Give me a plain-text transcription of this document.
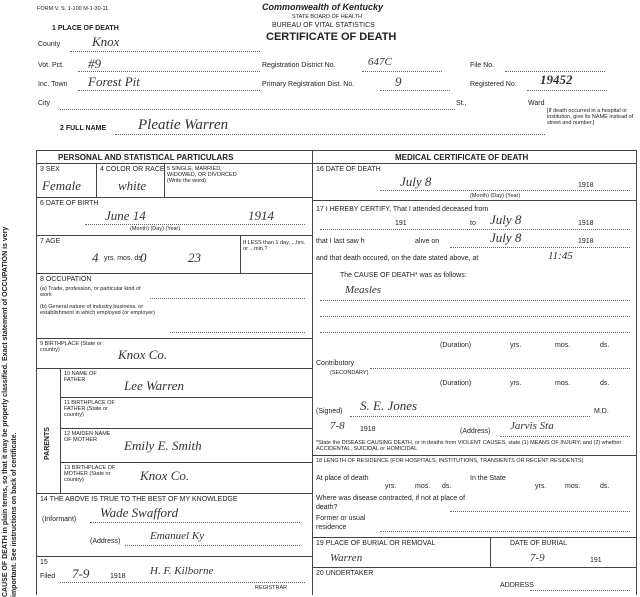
CAUSE OF DEATH in plain terms, so that it may be properly classified. Exact statement of OCCUPATION is very important. See instructions on back of certificate.
FORM V. S. 1-100 M-1-30-11.	Commonwealth of Kentucky
STATE BOARD OF HEALTH
BUREAU OF VITAL STATISTICS
CERTIFICATE OF DEATH
1 PLACE OF DEATH
County Knox
Vot. Pct. #9
Inc. Town Forest Pit
City	St.,	Ward
Registration District No.	647C
Primary Registration Dist. No.	9
File No.
Registered No. 19452
[If death occurred in a hospital or institution, give its NAME instead of street and number.]
2 FULL NAME Pleatie Warren
PERSONAL AND STATISTICAL PARTICULARS	MEDICAL CERTIFICATE OF DEATH
3 SEX
Female
4 COLOR OR RACE
white
5 SINGLE, MARRIED, WIDOWED, OR DIVORCED (Write the word)
6 DATE OF BIRTH
June 14	1914
(Month) (Day) (Year)
7 AGE
4	0	23
yrs. mos. ds.
If LESS than 1 day, ...hrs. or ...min.?
8 OCCUPATION
(a) Trade, profession, or particular kind of work
(b) General nature of industry business, or establishment in which employed (or employer)
9 BIRTHPLACE (State or country)	Knox Co.
PARENTS
10 NAME OF FATHER	Lee Warren
11 BIRTHPLACE OF FATHER (State or country)
12 MAIDEN NAME OF MOTHER	Emily E. Smith
13 BIRTHPLACE OF MOTHER (State or country)	Knox Co.
14 THE ABOVE IS TRUE TO THE BEST OF MY KNOWLEDGE
(Informant) Wade Swafford
(Address)	Emanuel Ky
15
Filed 7-9	1918 H. F. Kilborne
REGISTRAR
16 DATE OF DEATH
July 8	1918
(Month) (Day) (Year)
17 I HEREBY CERTIFY, That I attended deceased from
191	to July 8	1918
that I last saw h	alive on	July 8	1918
and that death occured, on the date stated above, at	11:45
The CAUSE OF DEATH* was as follows:
Measles
(Duration)	yrs.	mos.	ds.
Contributory
(SECONDARY)
(Duration)	yrs.	mos.	ds.
(Signed) S. E. Jones	M.D.
7-8 1918	(Address) Jarvis Sta
*State the DISEASE CAUSING DEATH, or in deaths from VIOLENT CAUSES, state (1) MEANS OF INJURY; and (2) whether ACCIDENTAL, SUICIDAL or HOMICIDAL
18 LENGTH OF RESIDENCE (FOR HOSPITALS, INSTITUTIONS, TRANSIENTS OR RECENT RESIDENTS)
At place of death
yrs.	mos. ds.
In the State
yrs.	mos.	ds.
Where was disease contracted, if not at place of death?
Former or usual residence
19 PLACE OF BURIAL OR REMOVAL
Warren
DATE OF BURIAL
7-9	191
20 UNDERTAKER
ADDRESS
